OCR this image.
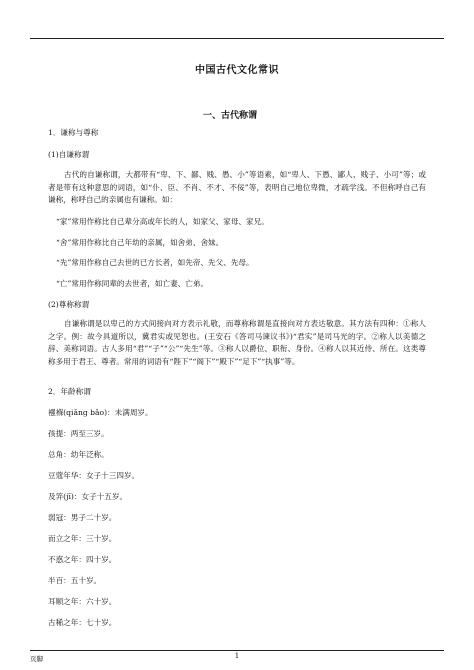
中国古代文化常识
一、古代称谓
1．谦称与尊称
(1)自谦称谓
古代的自谦称谓，大都带有“卑、下、鄙、贱、愚、小”等语素，如“卑人、下愚、鄙人、贱子、小可”等；或者是带有这种意思的词语，如“仆、臣、不肖、不才、不佞”等，表明自己地位卑微，才疏学浅。不但称呼自己有谦称，称呼自己的亲属也有谦称。如：
“家”常用作称比自己辈分高或年长的人，如家父、家母、家兄。
“舍”常用作称比自己年幼的亲属，如舍弟、舍妹。
“先”常用作称自己去世的已方长者，如先帝、先父、先母。
“亡”常用作称同辈的去世者，如亡妻、亡弟。
(2)尊称称谓
自谦称谓是以卑己的方式间接向对方表示礼敬，而尊称称谓是直接向对方表达敬意。其方法有四种：①称人之字。例：故今具道所以，冀君实或见恕也。(王安石《答司马谏议书》)“君实”是司马光的字。②称人以美德之辞、美称词语。古人多用“君”“子”“公”“先生”等。③称人以爵位、职衔、身份。④称人以其近侍、所在。这类尊称多用于君王、尊者。常用的词语有“陛下”“阁下”“殿下”“足下”“执事”等。
2．年龄称谓
襁褓(qiǎng bǎo)：未满周岁。
孩提：两至三岁。
总角：幼年泛称。
豆蔻年华：女子十三四岁。
及笄(jī)：女子十五岁。
弱冠：男子二十岁。
而立之年：三十岁。
不惑之年：四十岁。
半百：五十岁。
耳顺之年：六十岁。
古稀之年：七十岁。
页脚	1
